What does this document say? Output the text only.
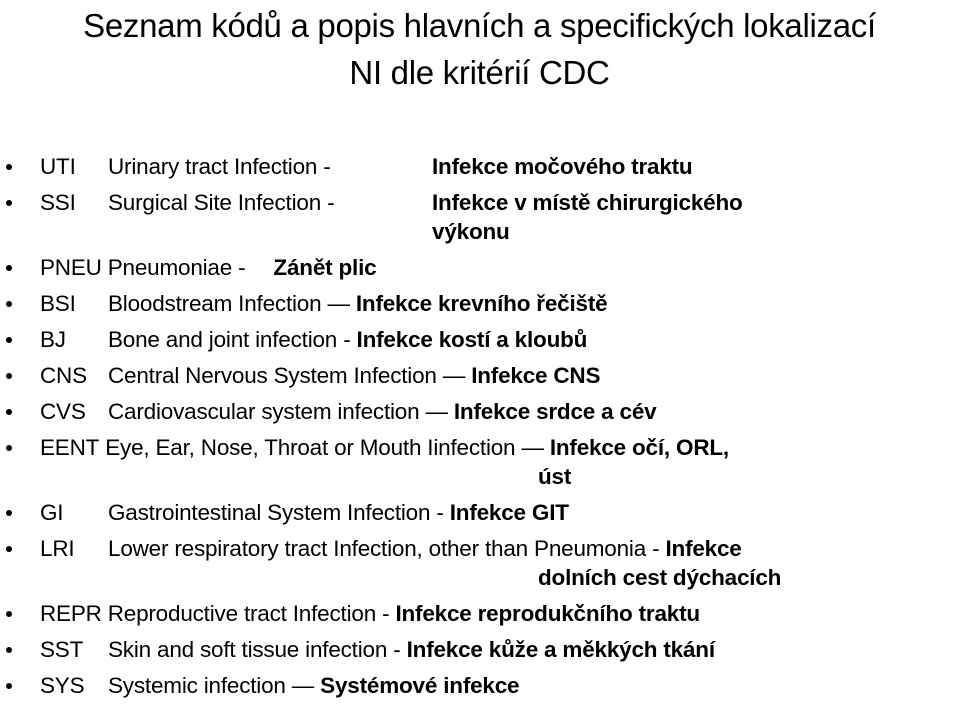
Seznam kódů a popis hlavních a specifických lokalizací
NI dle kritérií CDC
UTI Urinary tract Infection -	Infekce močového traktu
SSI Surgical Site Infection -	Infekce v místě chirurgického
výkonu
PNEU Pneumoniae - Zánět plic
BSI Bloodstream Infection — Infekce krevního řečiště
BJ Bone and joint infection - Infekce kostí a kloubů
CNS Central Nervous System Infection — Infekce CNS
CVS Cardiovascular system infection — Infekce srdce a cév
EENT Eye, Ear, Nose, Throat or Mouth Iinfection — Infekce očí, ORL,
úst
GI Gastrointestinal System Infection - Infekce GIT
LRI Lower respiratory tract Infection, other than Pneumonia - Infekce
dolních cest dýchacích
REPR Reproductive tract Infection - Infekce reprodukčního traktu
SST Skin and soft tissue infection - Infekce kůže a měkkých tkání
SYS Systemic infection — Systémové infekce
